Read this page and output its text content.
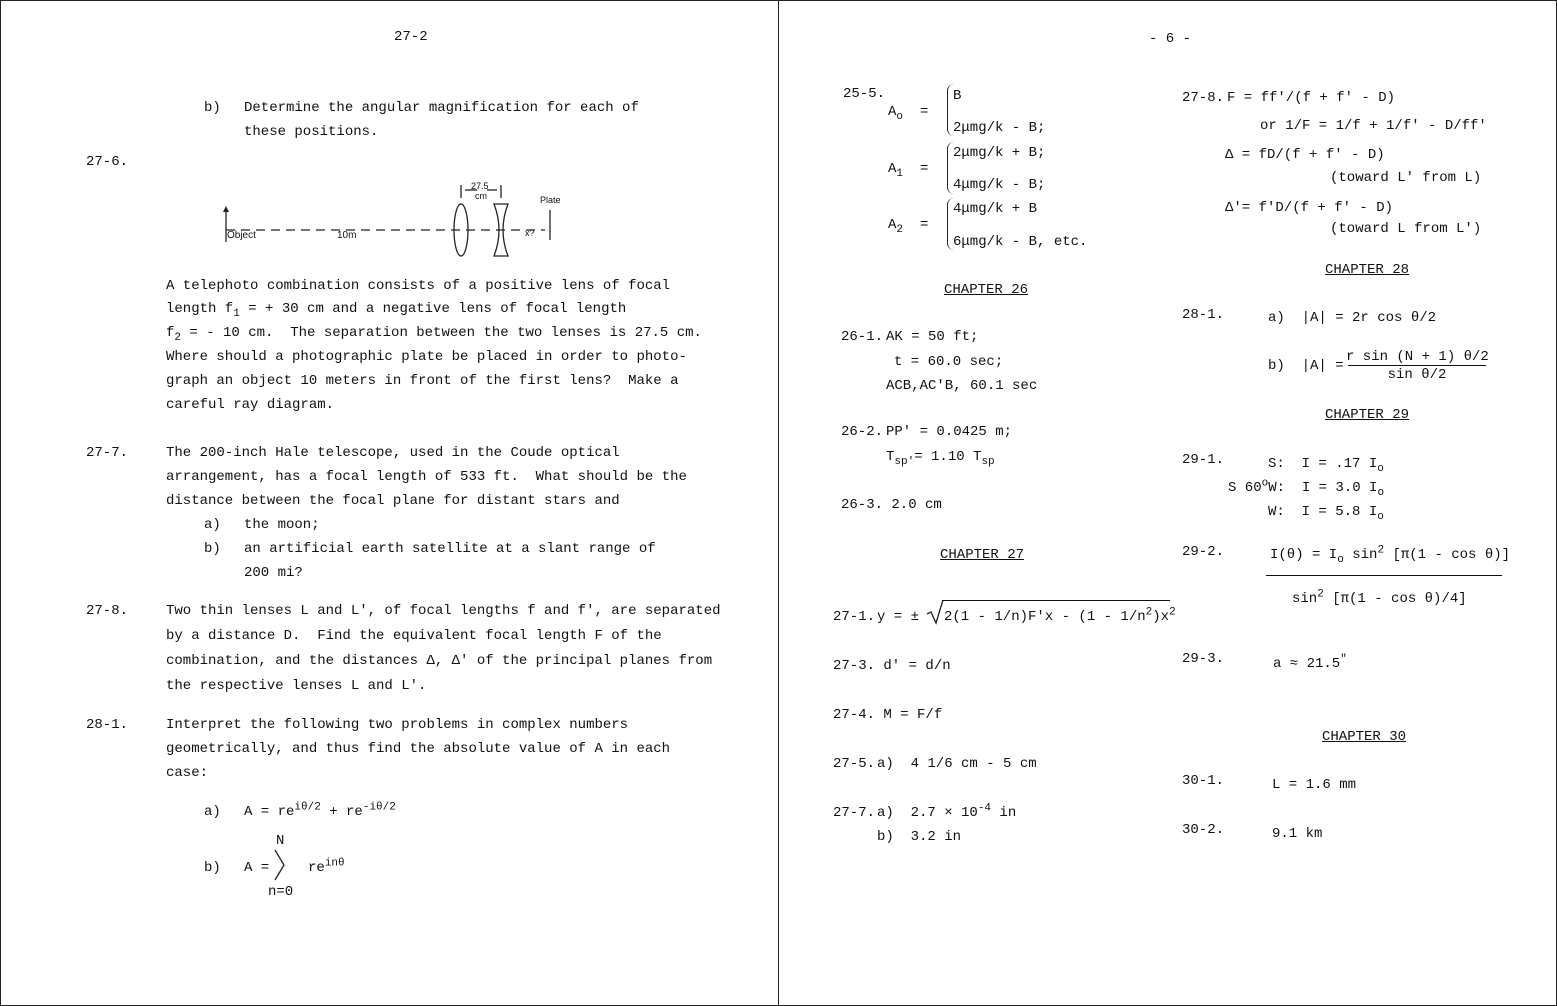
27-2
b) Determine the angular magnification for each of
these positions.
27-6.
Object	10m
27.5
cm	Plate
x?
A telephoto combination consists of a positive lens of focal
length $f_1$ = + 30 cm and a negative lens of focal length
$f_2$ = - 10 cm.  The separation between the two lenses is 27.5 cm.
Where should a photographic plate be placed in order to photo-
graph an object 10 meters in front of the first lens?  Make a
careful ray diagram.
27-7.	The 200-inch Hale telescope, used in the Coude optical
arrangement, has a focal length of 533 ft.  What should be the
distance between the focal plane for distant stars and
a) the moon;
b) an artificial earth satellite at a slant range of
200 mi?
27-8.	Two thin lenses L and L', of focal lengths f and f', are separated
by a distance D.  Find the equivalent focal length F of the
combination, and the distances Δ, Δ' of the principal planes from
the respective lenses L and L'.
28-1.	Interpret the following two problems in complex numbers
geometrically, and thus find the absolute value of A in each
case:
a) $A = re^{i\theta/2} + re^{-i\theta/2}$
N
b) A =	$re^{in\theta}$
n=0
- 6 -
25-5.
$A_o$ =
B
2μmg/k - B;
$A_1$ =
2μmg/k + B;
4μmg/k - B;
$A_2$ =
4μmg/k + B
6μmg/k - B, etc.
CHAPTER 26
26-1. AK = 50 ft;
t = 60.0 sec;
ACB,AC'B, 60.1 sec
26-2. PP' = 0.0425 m;
$T_{sp'}= 1.10$ $T_{sp}$
26-3. 2.0 cm
CHAPTER 27
27-1. y = ± $2(1 - 1/n)F'x - (1 - 1/n^2)x^2$
27-3. d' = d/n
27-4. M = F/f
27-5. a)  4 1/6 cm - 5 cm
27-7. a)  $2.7 \times 10^{-4}$ in
b)  3.2 in
27-8. F = ff'/(f + f' - D)
or 1/F = 1/f + 1/f' - D/ff'
Δ = fD/(f + f' - D)
(toward L' from L)
Δ'= f'D/(f + f' - D)
(toward L from L')
CHAPTER 28
28-1.	a)  |A| = 2r cos θ/2
b)  |A| =
r sin (N + 1) θ/2
sin θ/2
CHAPTER 29
29-1.	S:  I = .17 $I_o$
S 60$^o$W:  I = 3.0 $I_o$
W:  I = 5.8 $I_o$
29-2.	$I(\theta) = I_o$ $\sin^2 [\pi(1$ - cos θ)]
$\sin^2 [\pi(1$ - cos θ)/4]
29-3.	a ≈ 21.5"
CHAPTER 30
30-1.	L = 1.6 mm
30-2.	9.1 km
